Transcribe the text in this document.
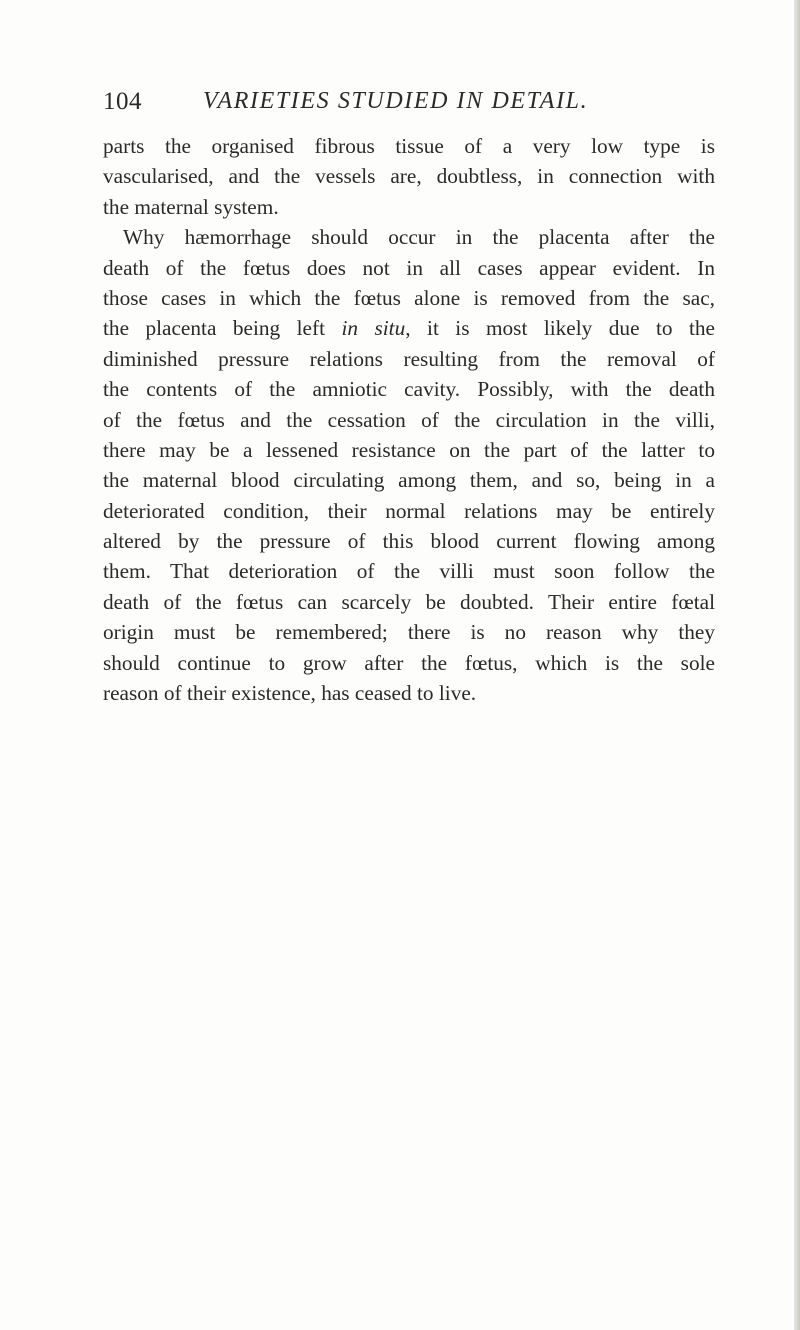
104	VARIETIES STUDIED IN DETAIL.
parts the organised fibrous tissue of a very low type is
vascularised, and the vessels are, doubtless, in connection with
the maternal system.
Why hæmorrhage should occur in the placenta after the
death of the fœtus does not in all cases appear evident. In
those cases in which the fœtus alone is removed from the sac,
the placenta being left in situ, it is most likely due to the
diminished pressure relations resulting from the removal of
the contents of the amniotic cavity. Possibly, with the death
of the fœtus and the cessation of the circulation in the villi,
there may be a lessened resistance on the part of the latter to
the maternal blood circulating among them, and so, being in a
deteriorated condition, their normal relations may be entirely
altered by the pressure of this blood current flowing among
them. That deterioration of the villi must soon follow the
death of the fœtus can scarcely be doubted. Their entire fœtal
origin must be remembered; there is no reason why they
should continue to grow after the fœtus, which is the sole
reason of their existence, has ceased to live.
